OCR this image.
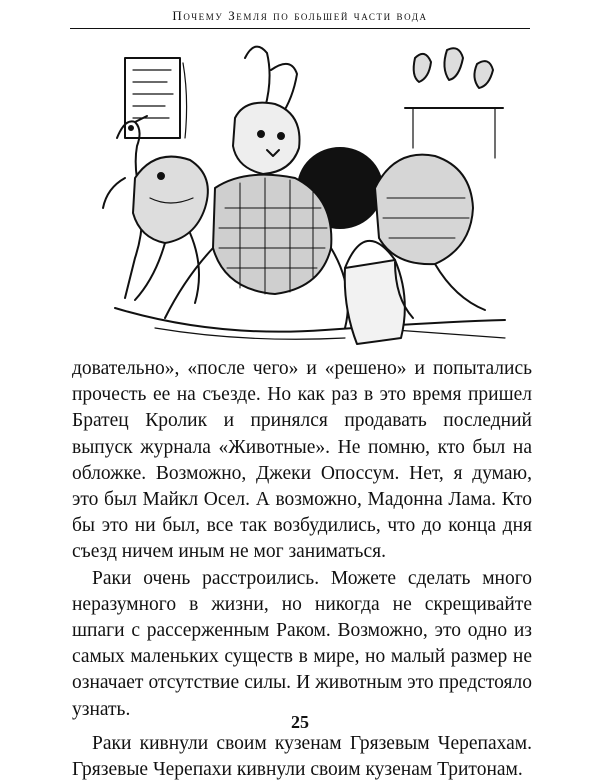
Почему Земля по большей части вода

довательно», «после чего» и «решено» и попытались прочесть ее на съезде. Но как раз в это время пришел Братец Кролик и принялся продавать последний выпуск журнала «Животные». Не помню, кто был на обложке. Возможно, Джеки Опоссум. Нет, я думаю, это был Майкл Осел. А возможно, Мадонна Лама. Кто бы это ни был, все так возбудились, что до конца дня съезд ничем иным не мог заниматься.

Раки очень расстроились. Можете сделать много неразумного в жизни, но никогда не скрещивайте шпаги с рассерженным Раком. Возможно, это одно из самых маленьких существ в мире, но малый размер не означает отсутствие силы. И животным это предстояло узнать.

Раки кивнули своим кузенам Грязевым Черепахам. Грязевые Черепахи кивнули своим кузенам Тритонам.

25
